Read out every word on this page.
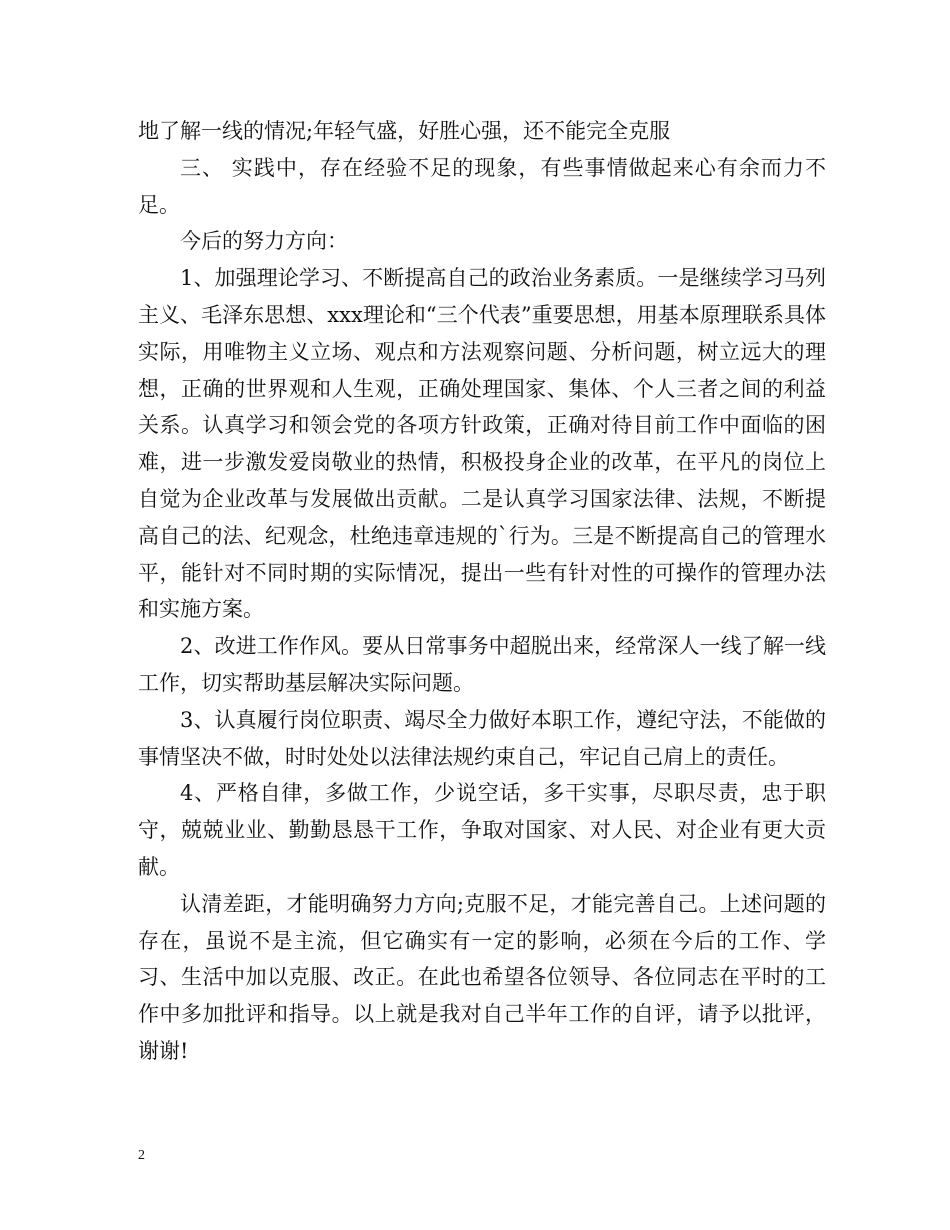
地了解一线的情况;年轻气盛，好胜心强，还不能完全克服

三、 实践中，存在经验不足的现象，有些事情做起来心有余而力不足。

今后的努力方向：

1、加强理论学习、不断提高自己的政治业务素质。一是继续学习马列主义、毛泽东思想、xxx理论和“三个代表”重要思想，用基本原理联系具体实际，用唯物主义立场、观点和方法观察问题、分析问题，树立远大的理想，正确的世界观和人生观，正确处理国家、集体、个人三者之间的利益关系。认真学习和领会党的各项方针政策，正确对待目前工作中面临的困难，进一步激发爱岗敬业的热情，积极投身企业的改革，在平凡的岗位上自觉为企业改革与发展做出贡献。二是认真学习国家法律、法规，不断提高自己的法、纪观念，杜绝违章违规的`行为。三是不断提高自己的管理水平，能针对不同时期的实际情况，提出一些有针对性的可操作的管理办法和实施方案。

2、改进工作作风。要从日常事务中超脱出来，经常深人一线了解一线工作，切实帮助基层解决实际问题。

3、认真履行岗位职责、竭尽全力做好本职工作，遵纪守法，不能做的事情坚决不做，时时处处以法律法规约束自己，牢记自己肩上的责任。

4、严格自律，多做工作，少说空话，多干实事，尽职尽责，忠于职守，兢兢业业、勤勤恳恳干工作，争取对国家、对人民、对企业有更大贡献。

认清差距，才能明确努力方向;克服不足，才能完善自己。上述问题的存在，虽说不是主流，但它确实有一定的影响，必须在今后的工作、学习、生活中加以克服、改正。在此也希望各位领导、各位同志在平时的工作中多加批评和指导。以上就是我对自己半年工作的自评，请予以批评，谢谢!

2
